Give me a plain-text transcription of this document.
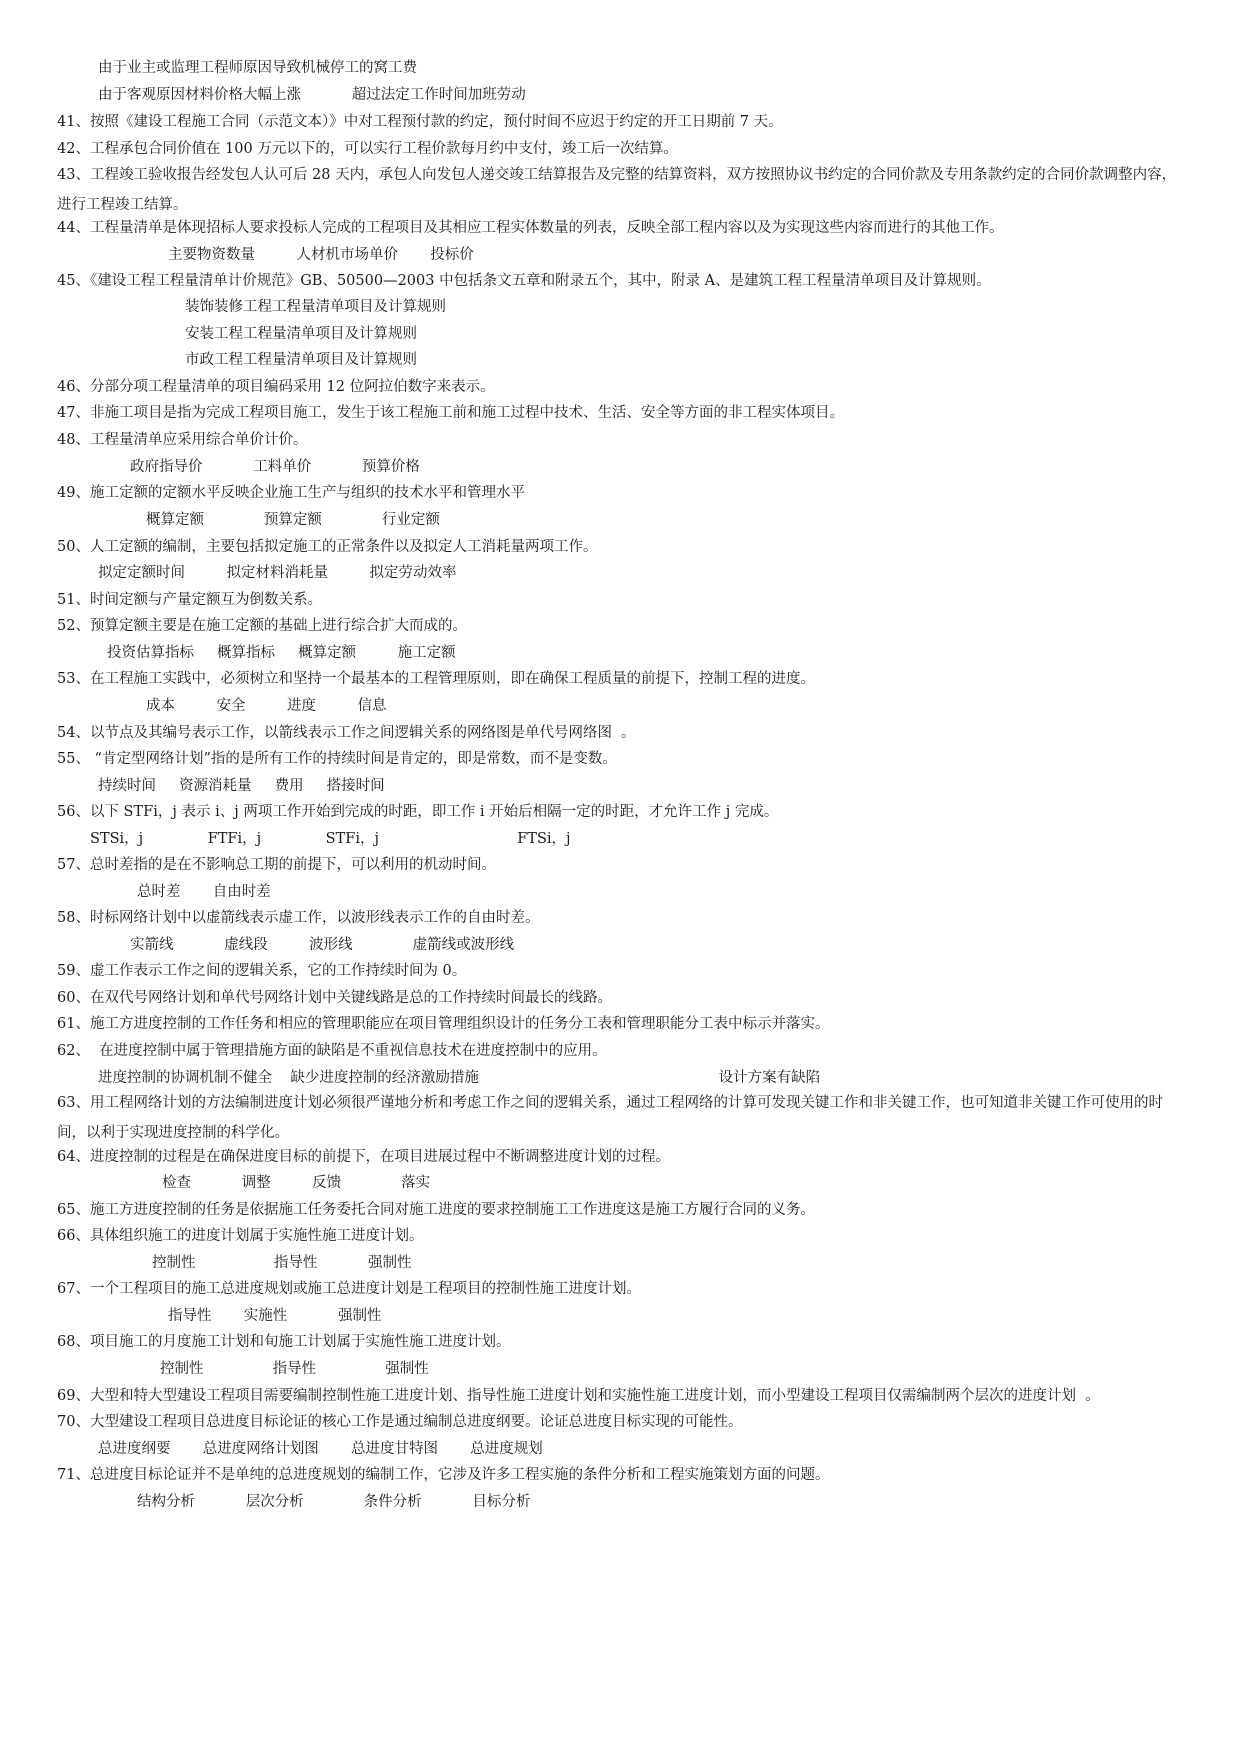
由于业主或监理工程师原因导致机械停工的窝工费
由于客观原因材料价格大幅上涨           超过法定工作时间加班劳动
41、按照《建设工程施工合同（示范文本）》中对工程预付款的约定，预付时间不应迟于约定的开工日期前 7 天。
42、工程承包合同价值在 100 万元以下的，可以实行工程价款每月约中支付，竣工后一次结算。
43、工程竣工验收报告经发包人认可后 28 天内，承包人向发包人递交竣工结算报告及完整的结算资料，双方按照协议书约定的合同价款及专用条款约定的合同价款调整内容，进行工程竣工结算。
44、工程量清单是体现招标人要求投标人完成的工程项目及其相应工程实体数量的列表，反映全部工程内容以及为实现这些内容而进行的其他工作。
主要物资数量         人材机市场单价       投标价
45、《建设工程工程量清单计价规范》GB、50500—2003 中包括条文五章和附录五个，其中，附录 A、是建筑工程工程量清单项目及计算规则。
装饰装修工程工程量清单项目及计算规则
安装工程工程量清单项目及计算规则
市政工程工程量清单项目及计算规则
46、分部分项工程量清单的项目编码采用 12 位阿拉伯数字来表示。
47、非施工项目是指为完成工程项目施工，发生于该工程施工前和施工过程中技术、生活、安全等方面的非工程实体项目。
48、工程量清单应采用综合单价计价。
政府指导价           工料单价           预算价格
49、施工定额的定额水平反映企业施工生产与组织的技术水平和管理水平
概算定额             预算定额             行业定额
50、人工定额的编制，主要包括拟定施工的正常条件以及拟定人工消耗量两项工作。
拟定定额时间         拟定材料消耗量         拟定劳动效率
51、时间定额与产量定额互为倒数关系。
52、预算定额主要是在施工定额的基础上进行综合扩大而成的。
投资估算指标     概算指标     概算定额         施工定额
53、在工程施工实践中，必须树立和坚持一个最基本的工程管理原则，即在确保工程质量的前提下，控制工程的进度。
成本         安全         进度         信息
54、以节点及其编号表示工作，以箭线表示工作之间逻辑关系的网络图是单代号网络图  。
55、 “肯定型网络计划”指的是所有工作的持续时间是肯定的，即是常数，而不是变数。
持续时间     资源消耗量     费用     搭接时间
56、以下 STFi，j 表示 i、j 两项工作开始到完成的时距，即工作 i 开始后相隔一定的时距，才允许工作 j 完成。
STSi，j              FTFi，j              STFi，j                              FTSi，j
57、总时差指的是在不影响总工期的前提下，可以利用的机动时间。
总时差       自由时差
58、时标网络计划中以虚箭线表示虚工作，以波形线表示工作的自由时差。
实箭线           虚线段         波形线             虚箭线或波形线
59、虚工作表示工作之间的逻辑关系，它的工作持续时间为 0。
60、在双代号网络计划和单代号网络计划中关键线路是总的工作持续时间最长的线路。
61、施工方进度控制的工作任务和相应的管理职能应在项目管理组织设计的任务分工表和管理职能分工表中标示并落实。
62、  在进度控制中属于管理措施方面的缺陷是不重视信息技术在进度控制中的应用。
进度控制的协调机制不健全    缺少进度控制的经济激励措施                                                    设计方案有缺陷
63、用工程网络计划的方法编制进度计划必须很严谨地分析和考虑工作之间的逻辑关系，通过工程网络的计算可发现关键工作和非关键工作，也可知道非关键工作可使用的时 间，以利于实现进度控制的科学化。
64、进度控制的过程是在确保进度目标的前提下，在项目进展过程中不断调整进度计划的过程。
检查           调整         反馈             落实
65、施工方进度控制的任务是依据施工任务委托合同对施工进度的要求控制施工工作进度这是施工方履行合同的义务。
66、具体组织施工的进度计划属于实施性施工进度计划。
控制性                 指导性           强制性
67、一个工程项目的施工总进度规划或施工总进度计划是工程项目的控制性施工进度计划。
指导性       实施性           强制性
68、项目施工的月度施工计划和旬施工计划属于实施性施工进度计划。
控制性               指导性               强制性
69、大型和特大型建设工程项目需要编制控制性施工进度计划、指导性施工进度计划和实施性施工进度计划，而小型建设工程项目仅需编制两个层次的进度计划  。
70、大型建设工程项目总进度目标论证的核心工作是通过编制总进度纲要。论证总进度目标实现的可能性。
总进度纲要       总进度网络计划图       总进度甘特图       总进度规划
71、总进度目标论证并不是单纯的总进度规划的编制工作，它涉及许多工程实施的条件分析和工程实施策划方面的问题。
结构分析           层次分析             条件分析           目标分析
